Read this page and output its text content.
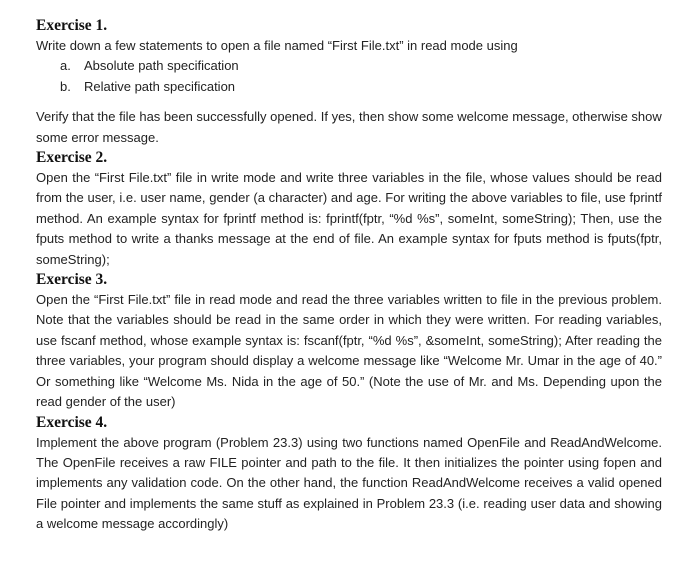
Exercise 1.

Write down a few statements to open a file named “First File.txt” in read mode using

a.	Absolute path specification
b.	Relative path specification

Verify that the file has been successfully opened. If yes, then show some welcome message, otherwise show some error message.

Exercise 2.

Open the “First File.txt” file in write mode and write three variables in the file, whose values should be read from the user, i.e. user name, gender (a character) and age. For writing the above variables to file, use fprintf method. An example syntax for fprintf method is: fprintf(fptr, “%d %s”, someInt, someString); Then, use the fputs method to write a thanks message at the end of file. An example syntax for fputs method is fputs(fptr, someString);

Exercise 3.

Open the “First File.txt” file in read mode and read the three variables written to file in the previous problem. Note that the variables should be read in the same order in which they were written. For reading variables, use fscanf method, whose example syntax is: fscanf(fptr, “%d %s”, &someInt, someString); After reading the three variables, your program should display a welcome message like “Welcome Mr. Umar in the age of 40.” Or something like “Welcome Ms. Nida in the age of 50.” (Note the use of Mr. and Ms. Depending upon the read gender of the user)

Exercise 4.

Implement the above program (Problem 23.3) using two functions named OpenFile and ReadAndWelcome. The OpenFile receives a raw FILE pointer and path to the file. It then initializes the pointer using fopen and implements any validation code. On the other hand, the function ReadAndWelcome receives a valid opened File pointer and implements the same stuff as explained in Problem 23.3 (i.e. reading user data and showing a welcome message accordingly)
